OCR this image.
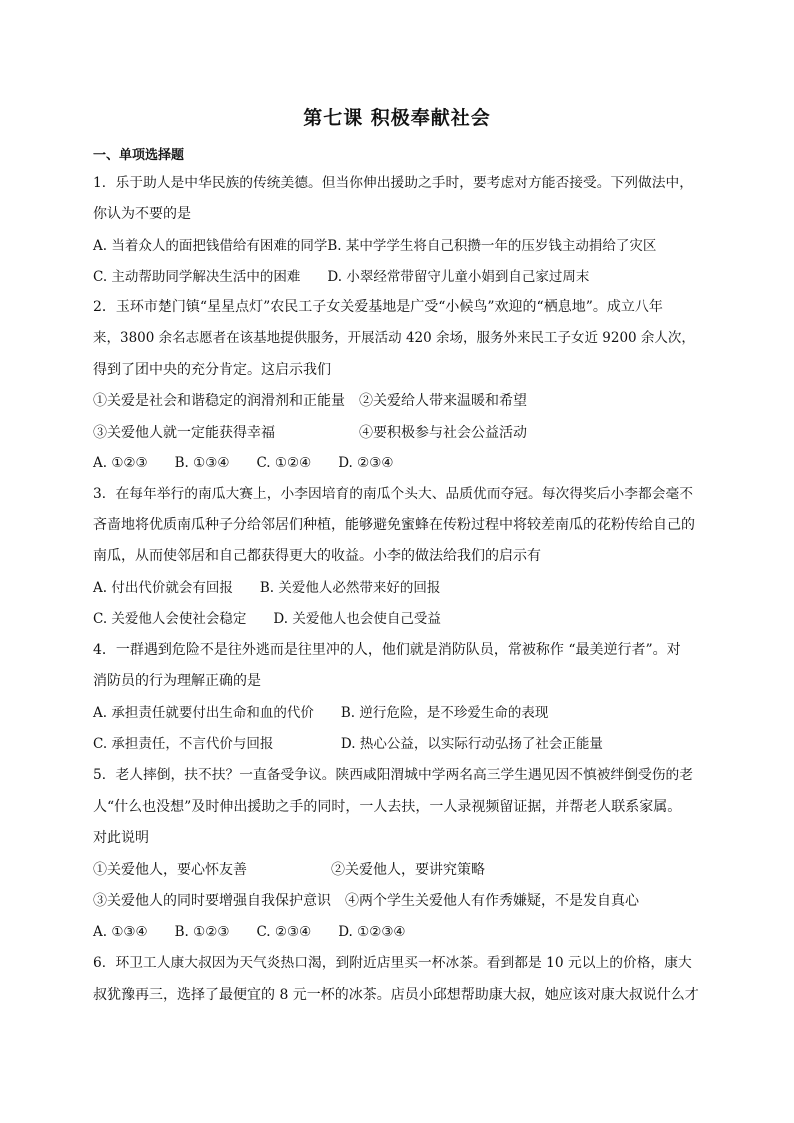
第七课 积极奉献社会
一、单项选择题
1．乐于助人是中华民族的传统美德。但当你伸出援助之手时，要考虑对方能否接受。下列做法中，
你认为不要的是
A. 当着众人的面把钱借给有困难的同学B. 某中学学生将自己积攒一年的压岁钱主动捐给了灾区
C. 主动帮助同学解决生活中的困难　　D. 小翠经常带留守儿童小娟到自己家过周末
2．玉环市楚门镇“星星点灯”农民工子女关爱基地是广受“小候鸟”欢迎的“栖息地”。成立八年
来，3800 余名志愿者在该基地提供服务，开展活动 420 余场，服务外来民工子女近 9200 余人次，
得到了团中央的充分肯定。这启示我们
①关爱是社会和谐稳定的润滑剂和正能量　②关爱给人带来温暖和希望
③关爱他人就一定能获得幸福　　　　　　④要积极参与社会公益活动
A. ①②③　　B. ①③④　　C. ①②④　　D. ②③④
3．在每年举行的南瓜大赛上，小李因培育的南瓜个头大、品质优而夺冠。每次得奖后小李都会毫不
吝啬地将优质南瓜种子分给邻居们种植，能够避免蜜蜂在传粉过程中将较差南瓜的花粉传给自己的
南瓜，从而使邻居和自己都获得更大的收益。小李的做法给我们的启示有
A. 付出代价就会有回报　　B. 关爱他人必然带来好的回报
C. 关爱他人会使社会稳定　　D. 关爱他人也会使自己受益
4．一群遇到危险不是往外逃而是往里冲的人，他们就是消防队员，常被称作 “最美逆行者”。对
消防员的行为理解正确的是
A. 承担责任就要付出生命和血的代价　　B. 逆行危险，是不珍爱生命的表现
C. 承担责任，不言代价与回报　　　　　D. 热心公益，以实际行动弘扬了社会正能量
5．老人摔倒，扶不扶？一直备受争议。陕西咸阳渭城中学两名高三学生遇见因不慎被绊倒受伤的老
人“什么也没想”及时伸出援助之手的同时，一人去扶，一人录视频留证据，并帮老人联系家属。
对此说明
①关爱他人，要心怀友善　　　　　　②关爱他人，要讲究策略
③关爱他人的同时要增强自我保护意识　④两个学生关爱他人有作秀嫌疑，不是发自真心
A. ①③④　　B. ①②③　　C. ②③④　　D. ①②③④
6．环卫工人康大叔因为天气炎热口渴，到附近店里买一杯冰茶。看到都是 10 元以上的价格，康大
叔犹豫再三，选择了最便宜的 8 元一杯的冰茶。店员小邱想帮助康大叔，她应该对康大叔说什么才
